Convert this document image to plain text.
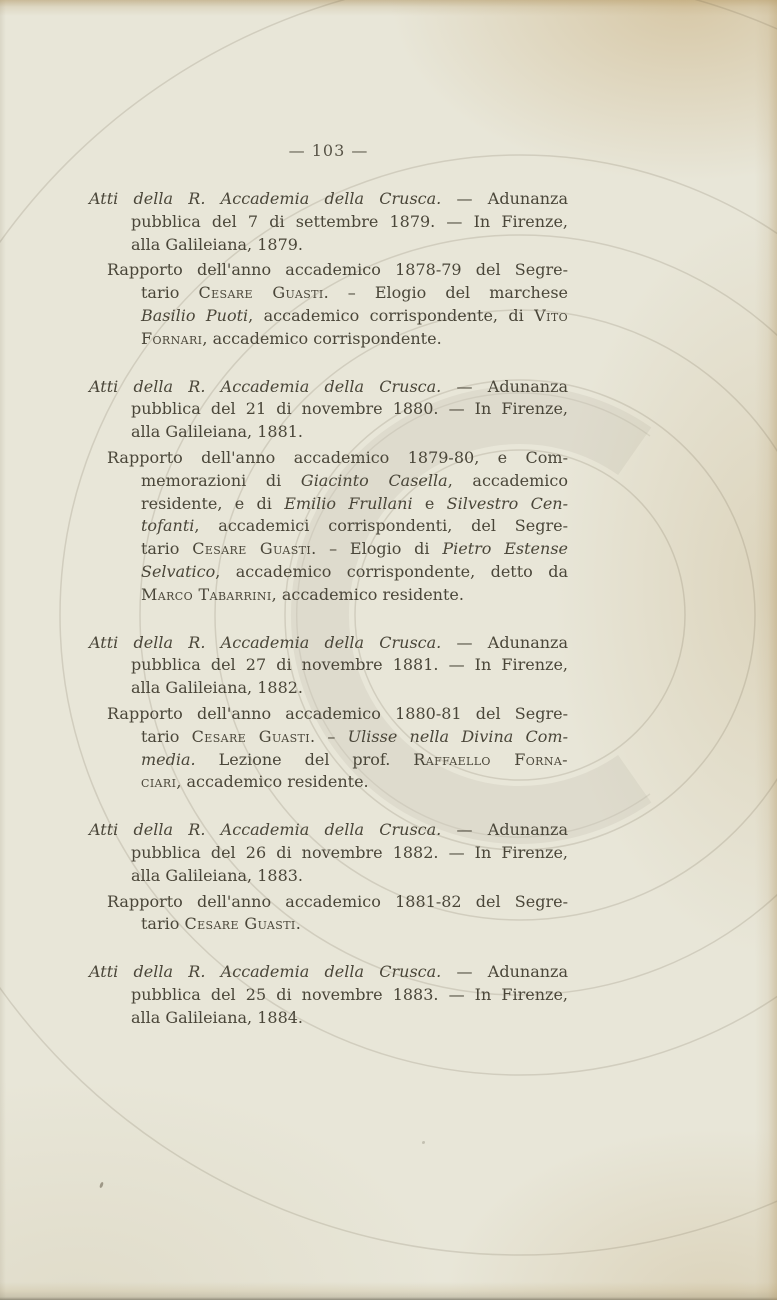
— 103 —
Atti della R. Accademia della Crusca. — Adunanza
pubblica del 7 di settembre 1879. — In Firenze,
alla Galileiana, 1879.
Rapporto dell'anno accademico 1878-79 del Segre-
tario Cesare Guasti. – Elogio del marchese
Basilio Puoti, accademico corrispondente, di Vito
Fornari, accademico corrispondente.
Atti della R. Accademia della Crusca. — Adunanza
pubblica del 21 di novembre 1880. — In Firenze,
alla Galileiana, 1881.
Rapporto dell'anno accademico 1879-80, e Com-
memorazioni di Giacinto Casella, accademico
residente, e di Emilio Frullani e Silvestro Cen-
tofanti, accademici corrispondenti, del Segre-
tario Cesare Guasti. – Elogio di Pietro Estense
Selvatico, accademico corrispondente, detto da
Marco Tabarrini, accademico residente.
Atti della R. Accademia della Crusca. — Adunanza
pubblica del 27 di novembre 1881. — In Firenze,
alla Galileiana, 1882.
Rapporto dell'anno accademico 1880-81 del Segre-
tario Cesare Guasti. – Ulisse nella Divina Com-
media. Lezione del prof. Raffaello Forna-
ciari, accademico residente.
Atti della R. Accademia della Crusca. — Adunanza
pubblica del 26 di novembre 1882. — In Firenze,
alla Galileiana, 1883.
Rapporto dell'anno accademico 1881-82 del Segre-
tario Cesare Guasti.
Atti della R. Accademia della Crusca. — Adunanza
pubblica del 25 di novembre 1883. — In Firenze,
alla Galileiana, 1884.
